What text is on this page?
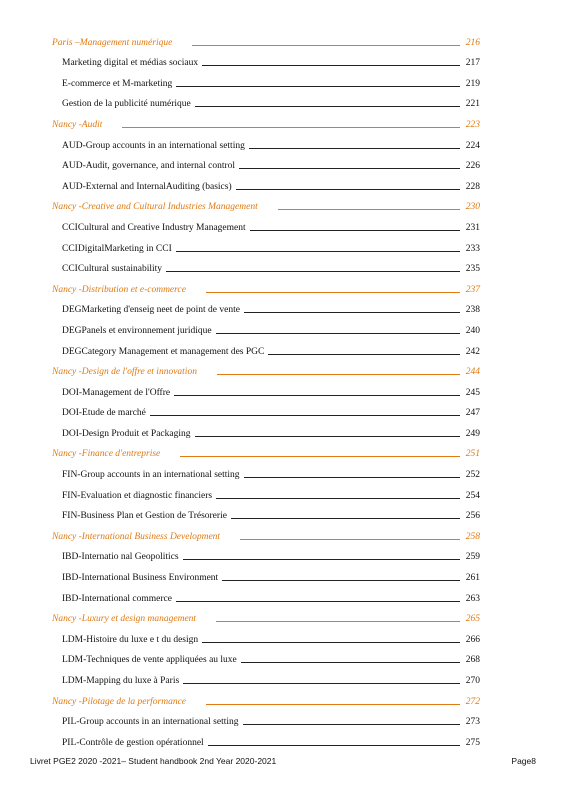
Paris –Management numérique	216
Marketing digital et médias sociaux	217
E-commerce et M-marketing	219
Gestion de la publicité numérique	221
Nancy -Audit	223
AUD-Group accounts in an international setting	224
AUD-Audit, governance, and internal control	226
AUD-External and InternalAuditing (basics)	228
Nancy -Creative and Cultural Industries Management	230
CCICultural and Creative Industry Management	231
CCIDigitalMarketing in CCI	233
CCICultural sustainability	235
Nancy -Distribution et e-commerce	237
DEGMarketing d'enseig neet de point de vente	238
DEGPanels et environnement juridique	240
DEGCategory Management et management des PGC	242
Nancy -Design de l'offre et innovation	244
DOI-Management de l'Offre	245
DOI-Etude de marché	247
DOI-Design Produit et Packaging	249
Nancy -Finance d'entreprise	251
FIN-Group accounts in an international setting	252
FIN-Evaluation et diagnostic financiers	254
FIN-Business Plan et Gestion de Trésorerie	256
Nancy -International Business Development	258
IBD-Internatio nal Geopolitics	259
IBD-International Business Environment	261
IBD-International commerce	263
Nancy -Luxury et design management	265
LDM-Histoire du luxe e t du design	266
LDM-Techniques de vente appliquées au luxe	268
LDM-Mapping du luxe à Paris	270
Nancy -Pilotage de la performance	272
PIL-Group accounts in an international setting	273
PIL-Contrôle de gestion opérationnel	275
Livret PGE2 2020 -2021– Student handbook 2nd Year 2020-2021	Page8
